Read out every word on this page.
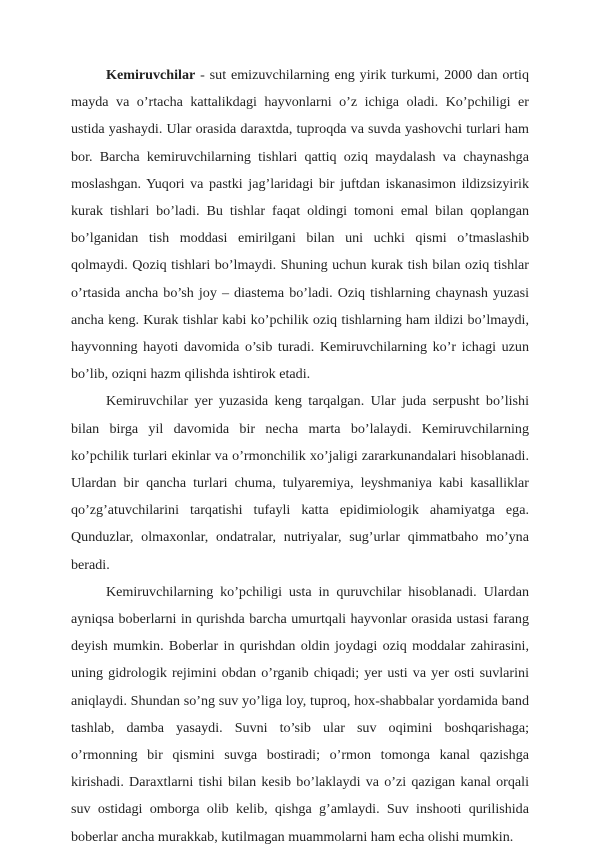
Kemiruvchilar - sut emizuvchilarning eng yirik turkumi, 2000 dan ortiq mayda va o’rtacha kattalikdagi hayvonlarni o’z ichiga oladi. Ko’pchiligi er ustida yashaydi. Ular orasida daraxtda, tuproqda va suvda yashovchi turlari ham bor. Barcha kemiruvchilarning tishlari qattiq oziq maydalash va chaynashga moslashgan. Yuqori va pastki jag’laridagi bir juftdan iskanasimon ildizsizyirik kurak tishlari bo’ladi. Bu tishlar faqat oldingi tomoni emal bilan qoplangan bo’lganidan tish moddasi emirilgani bilan uni uchki qismi o’tmaslashib qolmaydi. Qoziq tishlari bo’lmaydi. Shuning uchun kurak tish bilan oziq tishlar o’rtasida ancha bo’sh joy – diastema bo’ladi. Oziq tishlarning chaynash yuzasi ancha keng. Kurak tishlar kabi ko’pchilik oziq tishlarning ham ildizi bo’lmaydi, hayvonning hayoti davomida o’sib turadi. Kemiruvchilarning ko’r ichagi uzun bo’lib, oziqni hazm qilishda ishtirok etadi.

Kemiruvchilar yer yuzasida keng tarqalgan. Ular juda serpusht bo’lishi bilan birga yil davomida bir necha marta bo’lalaydi. Kemiruvchilarning ko’pchilik turlari ekinlar va o’rmonchilik xo’jaligi zararkunandalari hisoblanadi. Ulardan bir qancha turlari chuma, tulyaremiya, leyshmaniya kabi kasalliklar qo’zg’atuvchilarini tarqatishi tufayli katta epidimiologik ahamiyatga ega. Qunduzlar, olmaxonlar, ondatralar, nutriyalar, sug’urlar qimmatbaho mo’yna beradi.

Kemiruvchilarning ko’pchiligi usta in quruvchilar hisoblanadi. Ulardan ayniqsa boberlarni in qurishda barcha umurtqali hayvonlar orasida ustasi farang deyish mumkin. Boberlar in qurishdan oldin joydagi oziq moddalar zahirasini, uning gidrologik rejimini obdan o’rganib chiqadi; yer usti va yer osti suvlarini aniqlaydi. Shundan so’ng suv yo’liga loy, tuproq, hox-shabbalar yordamida band tashlab, damba yasaydi. Suvni to’sib ular suv oqimini boshqarishaga; o’rmonning bir qismini suvga bostiradi; o’rmon tomonga kanal qazishga kirishadi. Daraxtlarni tishi bilan kesib bo’laklaydi va o’zi qazigan kanal orqali suv ostidagi omborga olib kelib, qishga g’amlaydi. Suv inshooti qurilishida boberlar ancha murakkab, kutilmagan muammolarni ham echa olishi mumkin.
